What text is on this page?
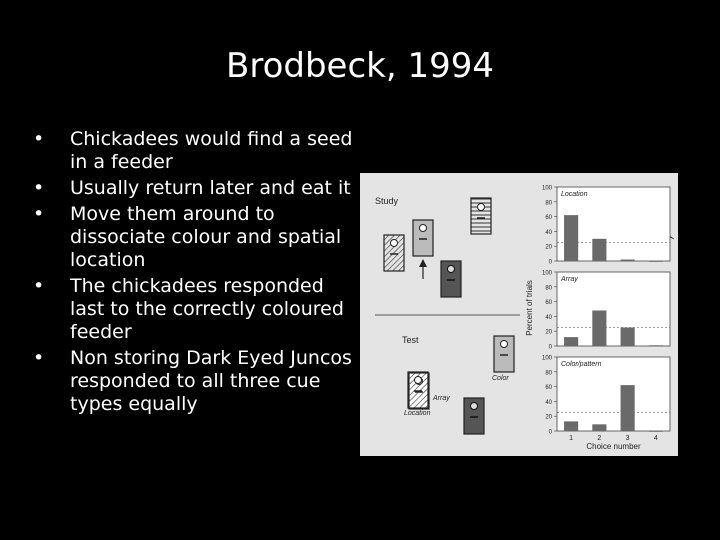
Brodbeck, 1994
• Chickadees would find a seed in a feeder
• Usually return later and eat it
• Move them around to dissociate colour and spatial location
• The chickadees responded last to the correctly coloured feeder
• Non storing Dark Eyed Juncos responded to all three cue types equally
Study
Test
Color
Array
Location
0
20
40
60
80
100
Location
0
20
40
60
80
100
Array
0
20
40
60
80
100
Color/pattern
1	2	3	4
Choice number
Percent of trials
